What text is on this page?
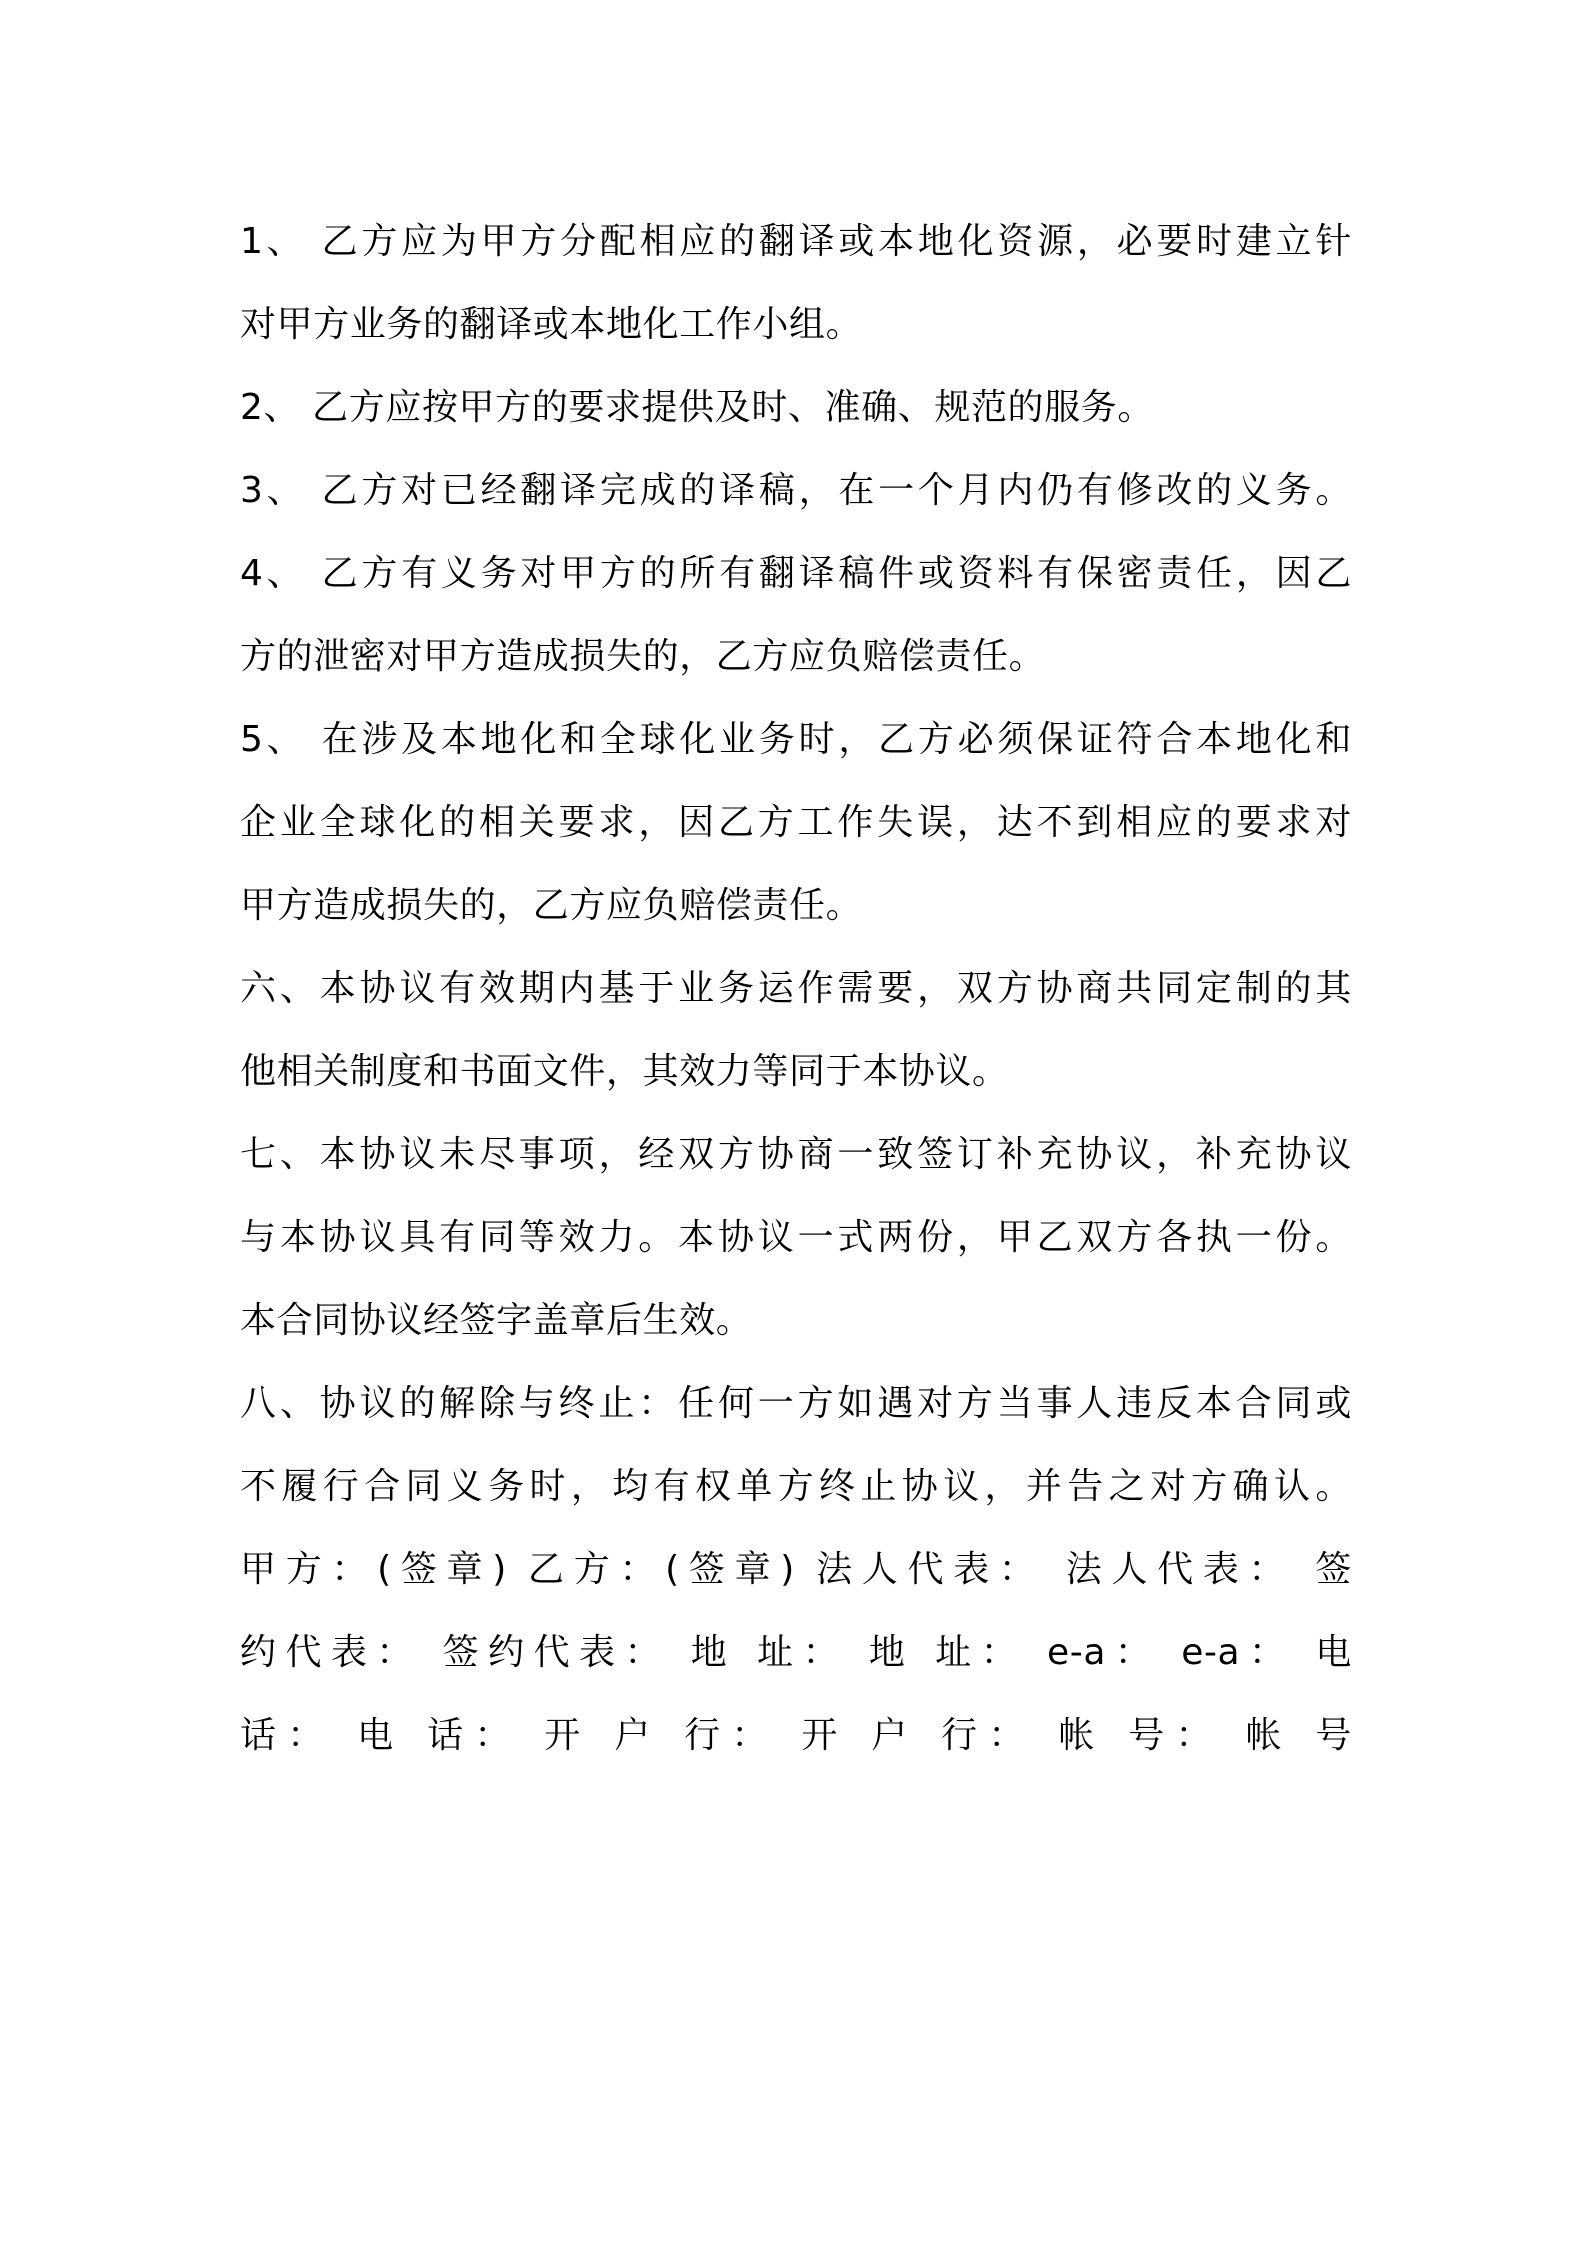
1、 乙方应为甲方分配相应的翻译或本地化资源，必要时建立针
对甲方业务的翻译或本地化工作小组。
2、 乙方应按甲方的要求提供及时、准确、规范的服务。
3、 乙方对已经翻译完成的译稿，在一个月内仍有修改的义务。
4、 乙方有义务对甲方的所有翻译稿件或资料有保密责任，因乙
方的泄密对甲方造成损失的，乙方应负赔偿责任。
5、 在涉及本地化和全球化业务时，乙方必须保证符合本地化和
企业全球化的相关要求，因乙方工作失误，达不到相应的要求对
甲方造成损失的，乙方应负赔偿责任。
六、本协议有效期内基于业务运作需要，双方协商共同定制的其
他相关制度和书面文件，其效力等同于本协议。
七、本协议未尽事项，经双方协商一致签订补充协议，补充协议
与本协议具有同等效力。本协议一式两份，甲乙双方各执一份。
本合同协议经签字盖章后生效。
八、协议的解除与终止：任何一方如遇对方当事人违反本合同或
不履行合同义务时，均有权单方终止协议，并告之对方确认。
甲方：(签章) 乙方：(签章) 法人代表： 法人代表： 签
约代表： 签约代表： 地 址： 地 址： e-a： e-a： 电
话： 电 话： 开 户 行： 开 户 行： 帐 号： 帐 号
